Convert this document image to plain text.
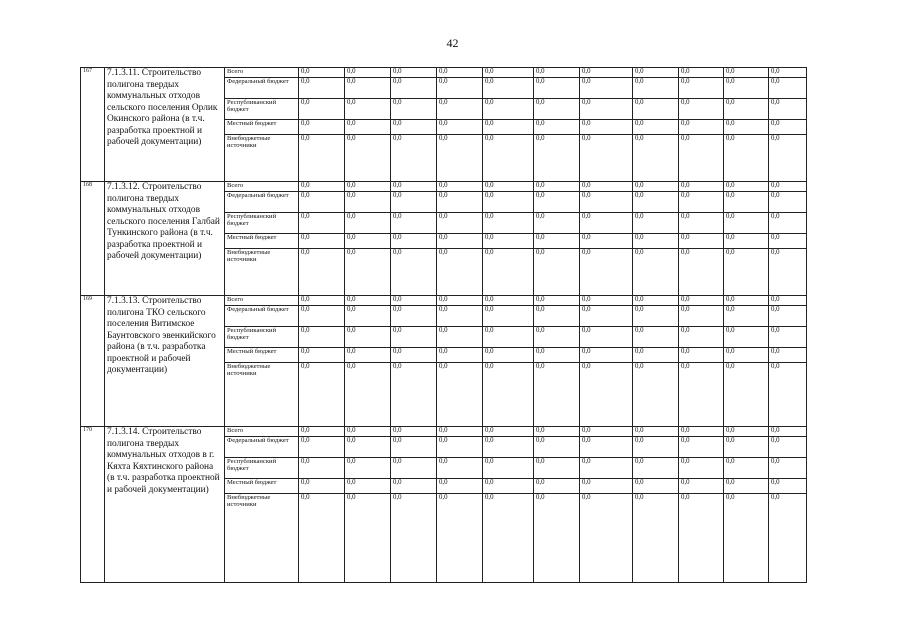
42
167	7.1.3.11. Строительство полигона твердых коммунальных отходов сельского поселения Орлик Окинского района (в т.ч. разработка проектной и рабочей документации)	Всего	0,0	0,0	0,0	0,0	0,0	0,0	0,0	0,0	0,0	0,0	0,0
		Федеральный бюджет	0,0	0,0	0,0	0,0	0,0	0,0	0,0	0,0	0,0	0,0	0,0
		Республиканский бюджет	0,0	0,0	0,0	0,0	0,0	0,0	0,0	0,0	0,0	0,0	0,0
		Местный бюджет	0,0	0,0	0,0	0,0	0,0	0,0	0,0	0,0	0,0	0,0	0,0
		Внебюджетные источники	0,0	0,0	0,0	0,0	0,0	0,0	0,0	0,0	0,0	0,0	0,0
168	7.1.3.12. Строительство полигона твердых коммунальных отходов сельского поселения Галбай Тункинского района (в т.ч. разработка проектной и рабочей документации)	Всего	0,0	0,0	0,0	0,0	0,0	0,0	0,0	0,0	0,0	0,0	0,0
		Федеральный бюджет	0,0	0,0	0,0	0,0	0,0	0,0	0,0	0,0	0,0	0,0	0,0
		Республиканский бюджет	0,0	0,0	0,0	0,0	0,0	0,0	0,0	0,0	0,0	0,0	0,0
		Местный бюджет	0,0	0,0	0,0	0,0	0,0	0,0	0,0	0,0	0,0	0,0	0,0
		Внебюджетные источники	0,0	0,0	0,0	0,0	0,0	0,0	0,0	0,0	0,0	0,0	0,0
169	7.1.3.13. Строительство полигона ТКО сельского поселения Витимское Баунтовского эвенкийского района (в т.ч. разработка проектной и рабочей документации)	Всего	0,0	0,0	0,0	0,0	0,0	0,0	0,0	0,0	0,0	0,0	0,0
		Федеральный бюджет	0,0	0,0	0,0	0,0	0,0	0,0	0,0	0,0	0,0	0,0	0,0
		Республиканский бюджет	0,0	0,0	0,0	0,0	0,0	0,0	0,0	0,0	0,0	0,0	0,0
		Местный бюджет	0,0	0,0	0,0	0,0	0,0	0,0	0,0	0,0	0,0	0,0	0,0
		Внебюджетные источники	0,0	0,0	0,0	0,0	0,0	0,0	0,0	0,0	0,0	0,0	0,0
170	7.1.3.14. Строительство полигона твердых коммунальных отходов в г. Кяхта Кяхтинского района (в т.ч. разработка проектной и рабочей документации)	Всего	0,0	0,0	0,0	0,0	0,0	0,0	0,0	0,0	0,0	0,0	0,0
		Федеральный бюджет	0,0	0,0	0,0	0,0	0,0	0,0	0,0	0,0	0,0	0,0	0,0
		Республиканский бюджет	0,0	0,0	0,0	0,0	0,0	0,0	0,0	0,0	0,0	0,0	0,0
		Местный бюджет	0,0	0,0	0,0	0,0	0,0	0,0	0,0	0,0	0,0	0,0	0,0
		Внебюджетные источники	0,0	0,0	0,0	0,0	0,0	0,0	0,0	0,0	0,0	0,0	0,0
